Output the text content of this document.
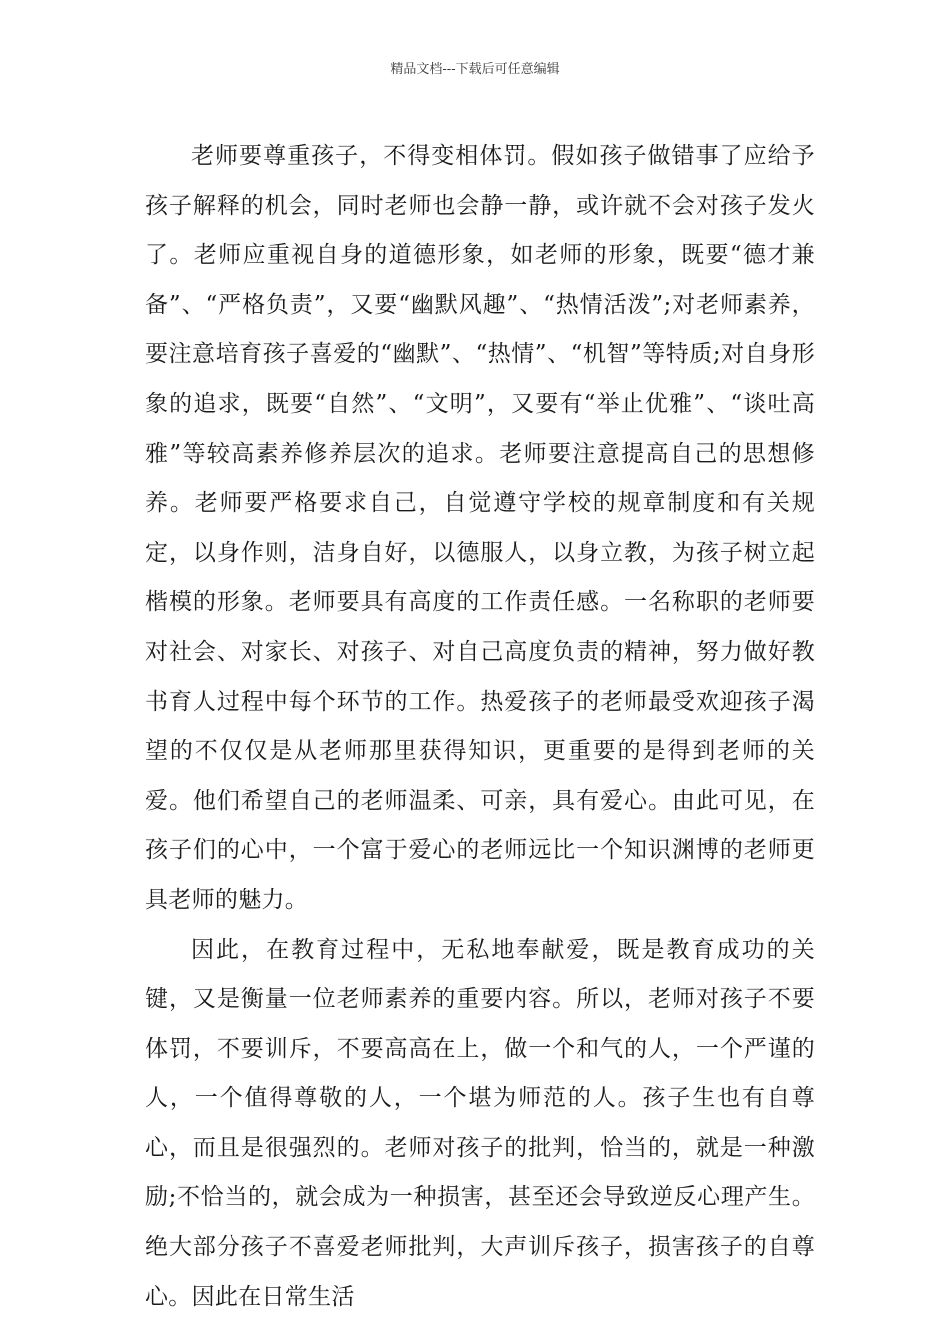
精品文档---下载后可任意编辑

老师要尊重孩子，不得变相体罚。假如孩子做错事了应给予孩子解释的机会，同时老师也会静一静，或许就不会对孩子发火了。老师应重视自身的道德形象，如老师的形象，既要“德才兼备”、“严格负责”，又要“幽默风趣”、“热情活泼”;对老师素养，要注意培育孩子喜爱的“幽默”、“热情”、“机智”等特质;对自身形象的追求，既要“自然”、“文明”，又要有“举止优雅”、“谈吐高雅”等较高素养修养层次的追求。老师要注意提高自己的思想修养。老师要严格要求自己，自觉遵守学校的规章制度和有关规定，以身作则，洁身自好，以德服人，以身立教，为孩子树立起楷模的形象。老师要具有高度的工作责任感。一名称职的老师要对社会、对家长、对孩子、对自己高度负责的精神，努力做好教书育人过程中每个环节的工作。热爱孩子的老师最受欢迎孩子渴望的不仅仅是从老师那里获得知识，更重要的是得到老师的关爱。他们希望自己的老师温柔、可亲，具有爱心。由此可见，在孩子们的心中，一个富于爱心的老师远比一个知识渊博的老师更具老师的魅力。

因此，在教育过程中，无私地奉献爱，既是教育成功的关键，又是衡量一位老师素养的重要内容。所以，老师对孩子不要体罚，不要训斥，不要高高在上，做一个和气的人，一个严谨的人，一个值得尊敬的人，一个堪为师范的人。孩子生也有自尊心，而且是很强烈的。老师对孩子的批判，恰当的，就是一种激励;不恰当的，就会成为一种损害，甚至还会导致逆反心理产生。绝大部分孩子不喜爱老师批判，大声训斥孩子，损害孩子的自尊心。因此在日常生活
